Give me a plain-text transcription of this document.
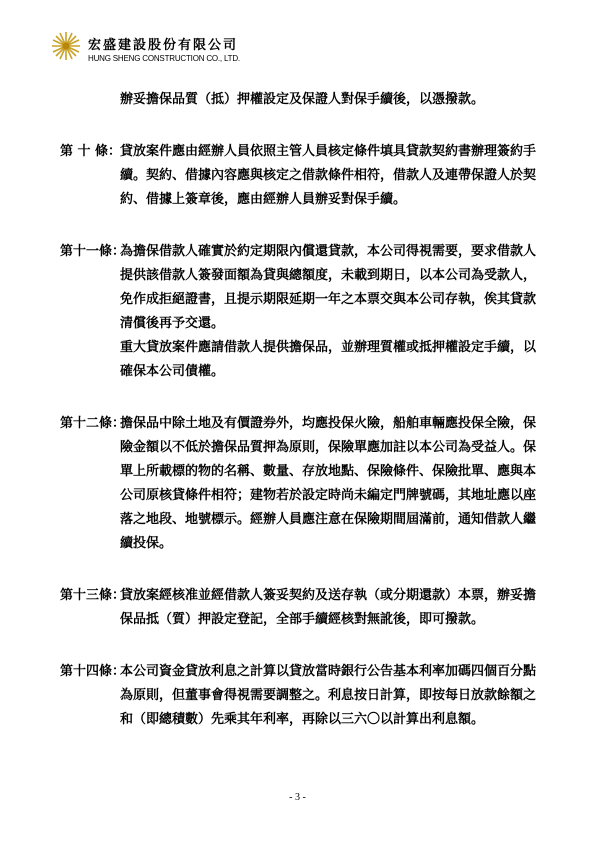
宏盛建設股份有限公司
HUNG SHENG CONSTRUCTION CO., LTD.
辦妥擔保品質（抵）押權設定及保證人對保手續後，以憑撥款。
第 十 條：

貸放案件應由經辦人員依照主管人員核定條件填具貸款契約書辦理簽約手續。契約、借據內容應與核定之借款條件相符，借款人及連帶保證人於契約、借據上簽章後，應由經辦人員辦妥對保手續。

第十一條：

為擔保借款人確實於約定期限內償還貸款，本公司得視需要，要求借款人提供該借款人簽發面額為貸與總額度，未載到期日，以本公司為受款人，免作成拒絕證書，且提示期限延期一年之本票交與本公司存執，俟其貸款清償後再予交還。

重大貸放案件應請借款人提供擔保品，並辦理質權或抵押權設定手續，以確保本公司債權。

第十二條：

擔保品中除土地及有價證券外，均應投保火險，船舶車輛應投保全險，保險金額以不低於擔保品質押為原則，保險單應加註以本公司為受益人。保單上所載標的物的名稱、數量、存放地點、保險條件、保險批單、應與本公司原核貸條件相符；建物若於設定時尚未編定門牌號碼，其地址應以座落之地段、地號標示。經辦人員應注意在保險期間屆滿前，通知借款人繼續投保。

第十三條：

貸放案經核准並經借款人簽妥契約及送存執（或分期還款）本票，辦妥擔保品抵（質）押設定登記，全部手續經核對無訛後，即可撥款。

第十四條：

本公司資金貸放利息之計算以貸放當時銀行公告基本利率加碼四個百分點為原則，但董事會得視需要調整之。利息按日計算，即按每日放款餘額之和（即總積數）先乘其年利率，再除以三六〇以計算出利息額。

- 3 -
